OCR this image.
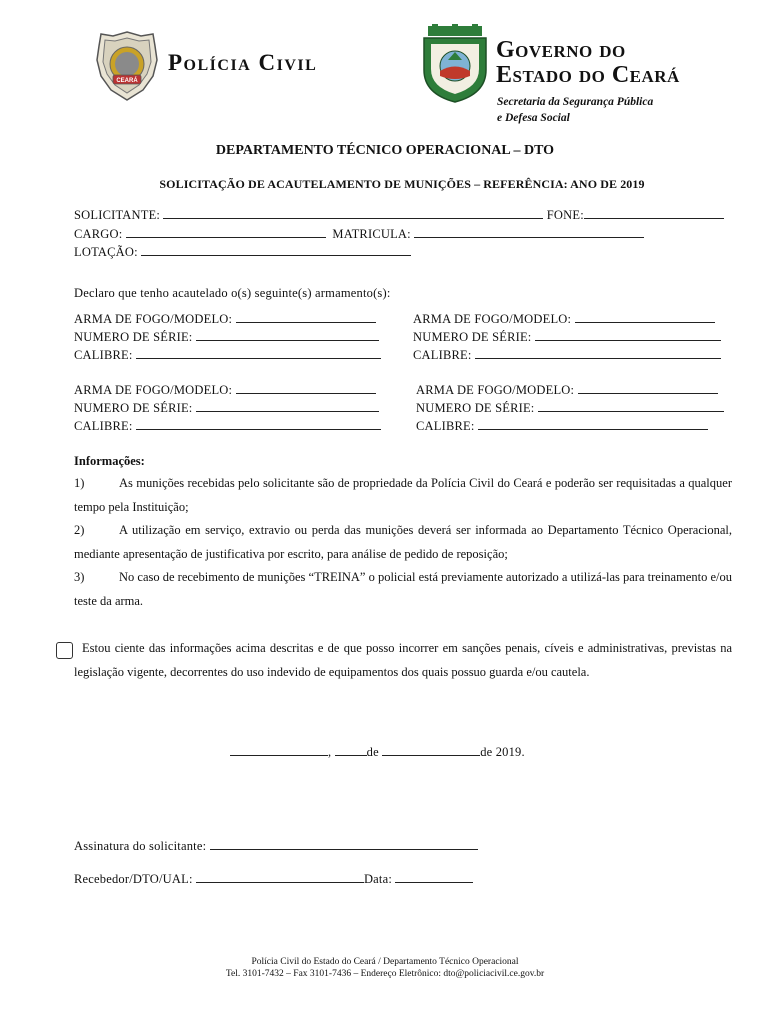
CEARÁ
Polícia Civil	Governo do
Estado do Ceará
Secretaria da Segurança Pública
e Defesa Social
DEPARTAMENTO TÉCNICO OPERACIONAL – DTO
SOLICITAÇÃO DE ACAUTELAMENTO DE MUNIÇÕES – REFERÊNCIA: ANO DE 2019
SOLICITANTE:	FONE:
CARGO:	MATRICULA:
LOTAÇÃO:
Declaro que tenho acautelado o(s) seguinte(s) armamento(s):
ARMA DE FOGO/MODELO:
NUMERO DE SÉRIE:
CALIBRE:
ARMA DE FOGO/MODELO:
NUMERO DE SÉRIE:
CALIBRE:
ARMA DE FOGO/MODELO:
NUMERO DE SÉRIE:
CALIBRE:
ARMA DE FOGO/MODELO:
NUMERO DE SÉRIE:
CALIBRE:
Informações:
1)	As munições recebidas pelo solicitante são de propriedade da Polícia Civil do Ceará e poderão ser requisitadas a qualquer tempo pela Instituição;
2)	A utilização em serviço, extravio ou perda das munições deverá ser informada ao Departamento Técnico Operacional, mediante apresentação de justificativa por escrito, para análise de pedido de reposição;
3)	No caso de recebimento de munições “TREINA” o policial está previamente autorizado a utilizá-las para treinamento e/ou teste da arma.
Estou ciente das informações acima descritas e de que posso incorrer em sanções penais, cíveis e administrativas, previstas na legislação vigente, decorrentes do uso indevido de equipamentos dos quais possuo guarda e/ou cautela.
,	de	de 2019.
Assinatura do solicitante:
Recebedor/DTO/UAL:	Data:
Polícia Civil do Estado do Ceará / Departamento Técnico Operacional
Tel. 3101-7432 – Fax 3101-7436 – Endereço Eletrônico: dto@policiacivil.ce.gov.br
